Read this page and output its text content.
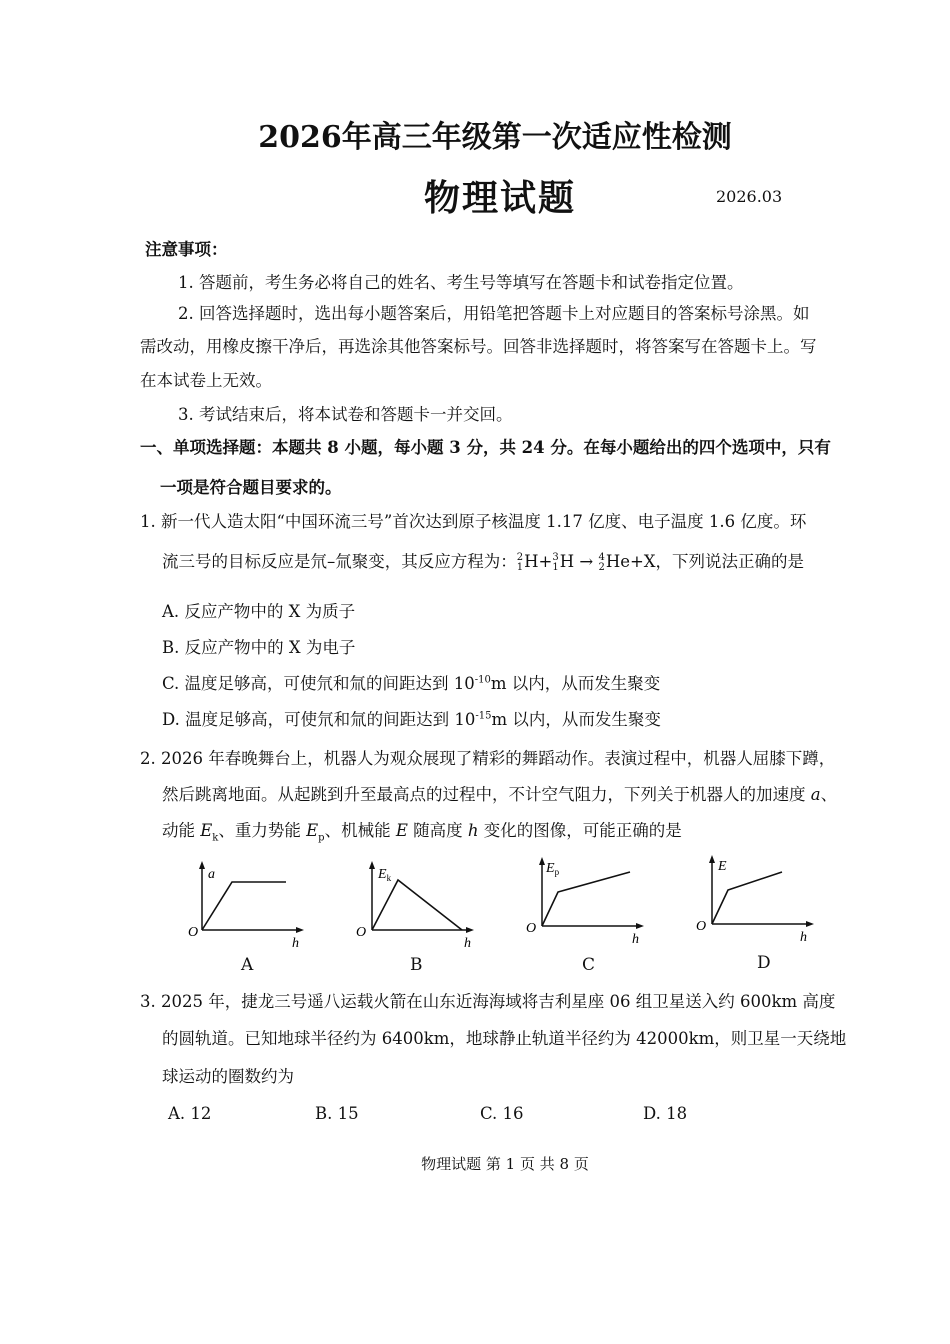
2026年高三年级第一次适应性检测
物理试题	2026.03
注意事项：
1. 答题前，考生务必将自己的姓名、考生号等填写在答题卡和试卷指定位置。
2. 回答选择题时，选出每小题答案后，用铅笔把答题卡上对应题目的答案标号涂黑。如
需改动，用橡皮擦干净后，再选涂其他答案标号。回答非选择题时，将答案写在答题卡上。写
在本试卷上无效。
3. 考试结束后，将本试卷和答题卡一并交回。
一、单项选择题：本题共 8 小题，每小题 3 分，共 24 分。在每小题给出的四个选项中，只有
一项是符合题目要求的。
1. 新一代人造太阳“中国环流三号”首次达到原子核温度 1.17 亿度、电子温度 1.6 亿度。环
流三号的目标反应是氘–氚聚变，其反应方程为： 2
1 H+ 3
1 H → 4
2 He+X，下列说法正确的是
A. 反应产物中的 X 为质子
B. 反应产物中的 X 为电子
C. 温度足够高，可使氘和氚的间距达到 $10^{-10}m$ 以内，从而发生聚变
D. 温度足够高，可使氘和氚的间距达到 $10^{-15}m$ 以内，从而发生聚变
2. 2026 年春晚舞台上，机器人为观众展现了精彩的舞蹈动作。表演过程中，机器人屈膝下蹲，
然后跳离地面。从起跳到升至最高点的过程中，不计空气阻力，下列关于机器人的加速度 a、
动能 $E_k$、重力势能 $E_p$、机械能 E 随高度 h 变化的图像，可能正确的是
a
O
h
A
$E_k$
O
h
B
$E_p$
O
h
C
E
O
h
D
3. 2025 年，捷龙三号遥八运载火箭在山东近海海域将吉利星座 06 组卫星送入约 600km 高度
的圆轨道。已知地球半径约为 6400km，地球静止轨道半径约为 42000km，则卫星一天绕地
球运动的圈数约为
A. 12	B. 15	C. 16	D. 18
物理试题 第 1 页 共 8 页
